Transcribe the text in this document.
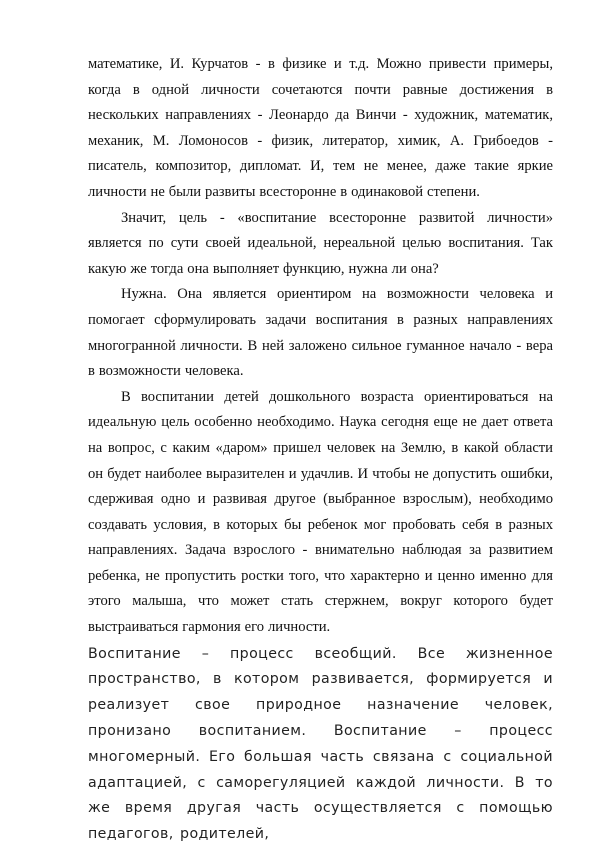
математике, И. Курчатов - в физике и т.д. Можно привести примеры, когда в одной личности сочетаются почти равные достижения в нескольких направлениях - Леонардо да Винчи - художник, математик, механик, М. Ломоносов - физик, литератор, химик, А. Грибоедов - писатель, композитор, дипломат. И, тем не менее, даже такие яркие личности не были развиты всесторонне в одинаковой степени.

Значит, цель - «воспитание всесторонне развитой личности» является по сути своей идеальной, нереальной целью воспитания. Так какую же тогда она выполняет функцию, нужна ли она?

Нужна. Она является ориентиром на возможности человека и помогает сформулировать задачи воспитания в разных направлениях многогранной личности. В ней заложено сильное гуманное начало - вера в возможности человека.

В воспитании детей дошкольного возраста ориентироваться на идеальную цель особенно необходимо. Наука сегодня еще не дает ответа на вопрос, с каким «даром» пришел человек на Землю, в какой области он будет наиболее выразителен и удачлив. И чтобы не допустить ошибки, сдерживая одно и развивая другое (выбранное взрослым), необходимо создавать условия, в которых бы ребенок мог пробовать себя в разных направлениях. Задача взрослого - внимательно наблюдая за развитием ребенка, не пропустить ростки того, что характерно и ценно именно для этого малыша, что может стать стержнем, вокруг которого будет выстраиваться гармония его личности.

Воспитание – процесс всеобщий. Все жизненное пространство, в котором развивается, формируется и реализует свое природное назначение человек, пронизано воспитанием. Воспитание – процесс многомерный. Его большая часть связана с социальной адаптацией, с саморегуляцией каждой личности. В то же время другая часть осуществляется с помощью педагогов, родителей,
